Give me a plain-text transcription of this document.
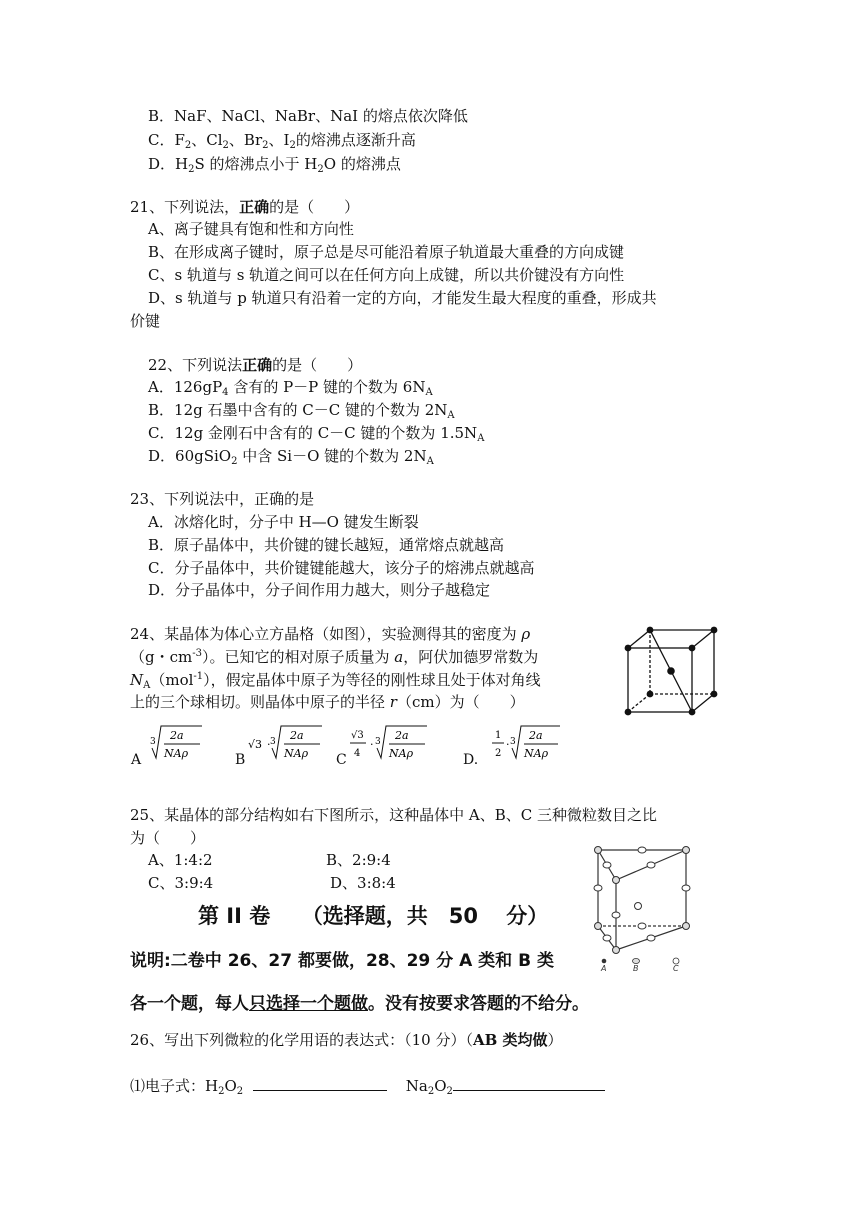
B．NaF、NaCl、NaBr、NaI 的熔点依次降低
C．$F_2$、$Cl_2$、$Br_2$、$I_2$的熔沸点逐渐升高
D．$H_2S$ 的熔沸点小于 $H_2O$ 的熔沸点
21、下列说法，正确的是（　　）
A、离子键具有饱和性和方向性
B、在形成离子键时，原子总是尽可能沿着原子轨道最大重叠的方向成键
C、s 轨道与 s 轨道之间可以在任何方向上成键，所以共价键没有方向性
D、s 轨道与 p 轨道只有沿着一定的方向，才能发生最大程度的重叠，形成共
价键
22、下列说法正确的是（　　）
A．$126gP_4$ 含有的 P－P 键的个数为 $6N_A$
B．12g 石墨中含有的 C－C 键的个数为 $2N_A$
C．12g 金刚石中含有的 C－C 键的个数为 $1.5N_A$
D．60gSiO$_2$ 中含 Si－O 键的个数为 $2N_A$
23、下列说法中，正确的是
A．冰熔化时，分子中 H—O 键发生断裂
B．原子晶体中，共价键的键长越短，通常熔点就越高
C．分子晶体中，共价键键能越大，该分子的熔沸点就越高
D．分子晶体中，分子间作用力越大，则分子越稳定
24、某晶体为体心立方晶格（如图），实验测得其的密度为 ρ
（g・$cm^{-3}$）。已知它的相对原子质量为 a，阿伏加德罗常数为
$N_A(mol^{-1})$，假定晶体中原子为等径的刚性球且处于体对角线
上的三个球相切。则晶体中原子的半径 r（cm）为（　　）
A
3 2a
NAρ	B
√3 · 3 2a
NAρ C
√3
4
· 3 2a
NAρ	D.
1
2
· 3 2a
NAρ
25、某晶体的部分结构如右下图所示，这种晶体中 A、B、C 三种微粒数目之比
为（　　）
A、1:4:2	B、2:9:4
C、3:9:4	D、3:8:4
A	B	C
第 II 卷　　（选择题，共　50　 分）
说明:二卷中 26、27 都要做，28、29 分 A 类和 B 类
各一个题，每人只选择一个题做。没有按要求答题的不给分。
26、写出下列微粒的化学用语的表达式：（10 分）（AB 类均做）
⑴电子式：$H_2O_2$	$Na_2O_2$
